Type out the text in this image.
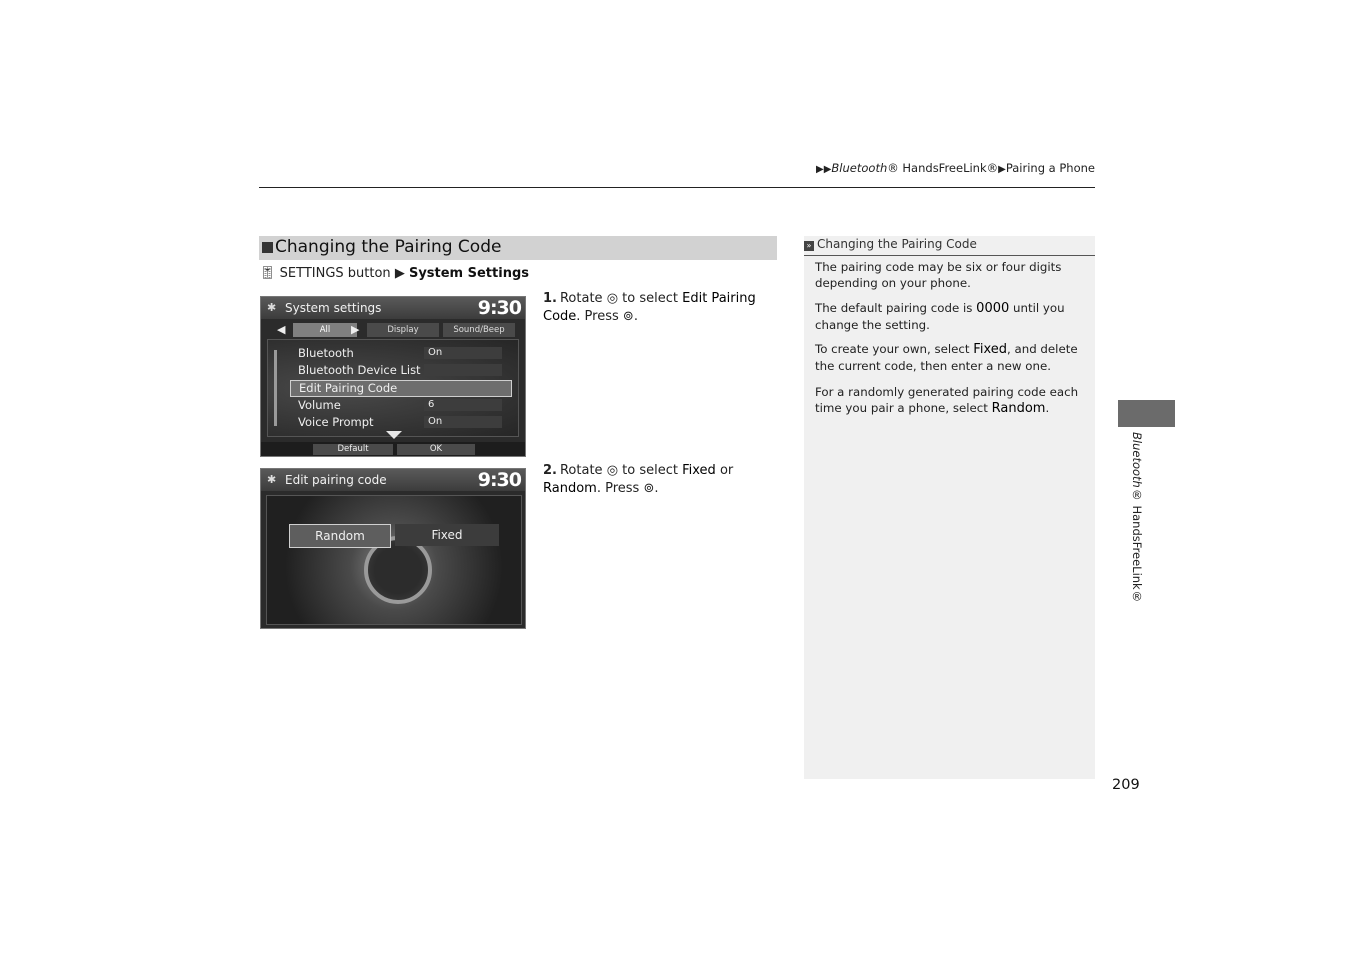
▶▶Bluetooth® HandsFreeLink®▶Pairing a Phone
Changing the Pairing Code
🎚 SETTINGS button ▶ System Settings
✱ System settings	9:30
◀	All	▶	Display	Sound/Beep
Bluetooth	On
Bluetooth Device List
Edit Pairing Code
Volume	6
Voice Prompt	On
Default	OK
✱ Edit pairing code	9:30
Random	Fixed
1. Rotate ◎ to select Edit Pairing Code. Press ⊚.
2. Rotate ◎ to select Fixed or Random. Press ⊚.
» Changing the Pairing Code
The pairing code may be six or four digits depending on your phone.
The default pairing code is 0000 until you change the setting.
To create your own, select Fixed, and delete the current code, then enter a new one.
For a randomly generated pairing code each time you pair a phone, select Random.
Bluetooth® HandsFreeLink®
209
